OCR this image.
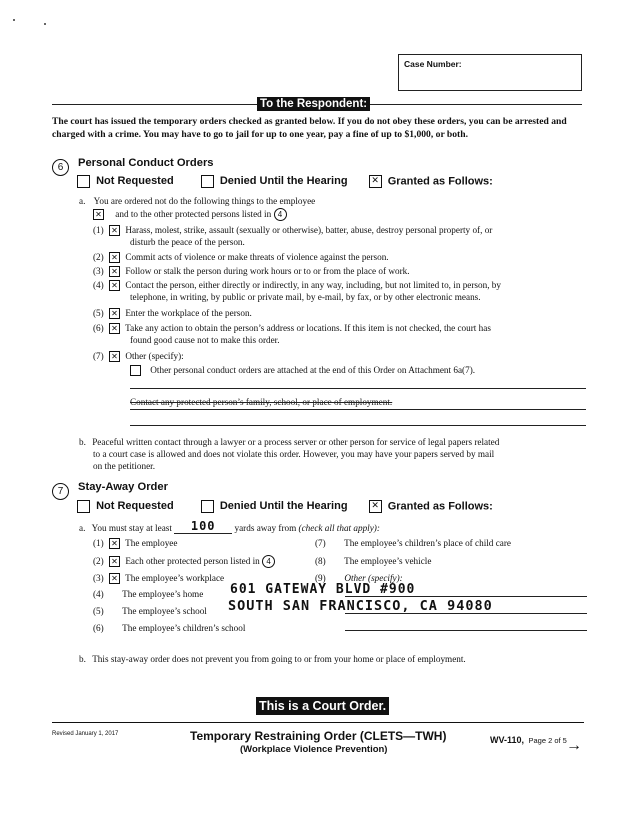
Case Number:
To the Respondent:
The court has issued the temporary orders checked as granted below. If you do not obey these orders, you can be arrested and charged with a crime. You may have to go to jail for up to one year, pay a fine of up to $1,000, or both.
6	Personal Conduct Orders
Not Requested	Denied Until the Hearing	✕ Granted as Follows:
a. You are ordered not do the following things to the employee
✕ and to the other protected persons listed in 4
(1) ✕ Harass, molest, strike, assault (sexually or otherwise), batter, abuse, destroy personal property of, or
disturb the peace of the person.
(2) ✕ Commit acts of violence or make threats of violence against the person.
(3) ✕ Follow or stalk the person during work hours or to or from the place of work.
(4) ✕ Contact the person, either directly or indirectly, in any way, including, but not limited to, in person, by
telephone, in writing, by public or private mail, by e-mail, by fax, or by other electronic means.
(5) ✕ Enter the workplace of the person.
(6) ✕ Take any action to obtain the person’s address or locations. If this item is not checked, the court has
found good cause not to make this order.
(7) ✕ Other (specify):
Other personal conduct orders are attached at the end of this Order on Attachment 6a(7).
Contact any protected person’s family, school, or place of employment.
b. Peaceful written contact through a lawyer or a process server or other person for service of legal papers related
to a court case is allowed and does not violate this order. However, you may have your papers served by mail
on the petitioner.
7	Stay-Away Order
Not Requested	Denied Until the Hearing	✕ Granted as Follows:
a. You must stay at least 100 yards away from (check all that apply):
(1) ✕ The employee
(2) ✕ Each other protected person listed in 4
(3) ✕ The employee’s workplace
(4) The employee’s home
(5) The employee’s school
(6) The employee’s children’s school
(7) The employee’s children’s place of child care
(8) The employee’s vehicle
(9) Other (specify):
601 GATEWAY BLVD #900
SOUTH SAN FRANCISCO, CA 94080
b. This stay-away order does not prevent you from going to or from your home or place of employment.
This is a Court Order.
Revised January 1, 2017	Temporary Restraining Order (CLETS—TWH)
(Workplace Violence Prevention)
WV-110, Page 2 of 5 →
